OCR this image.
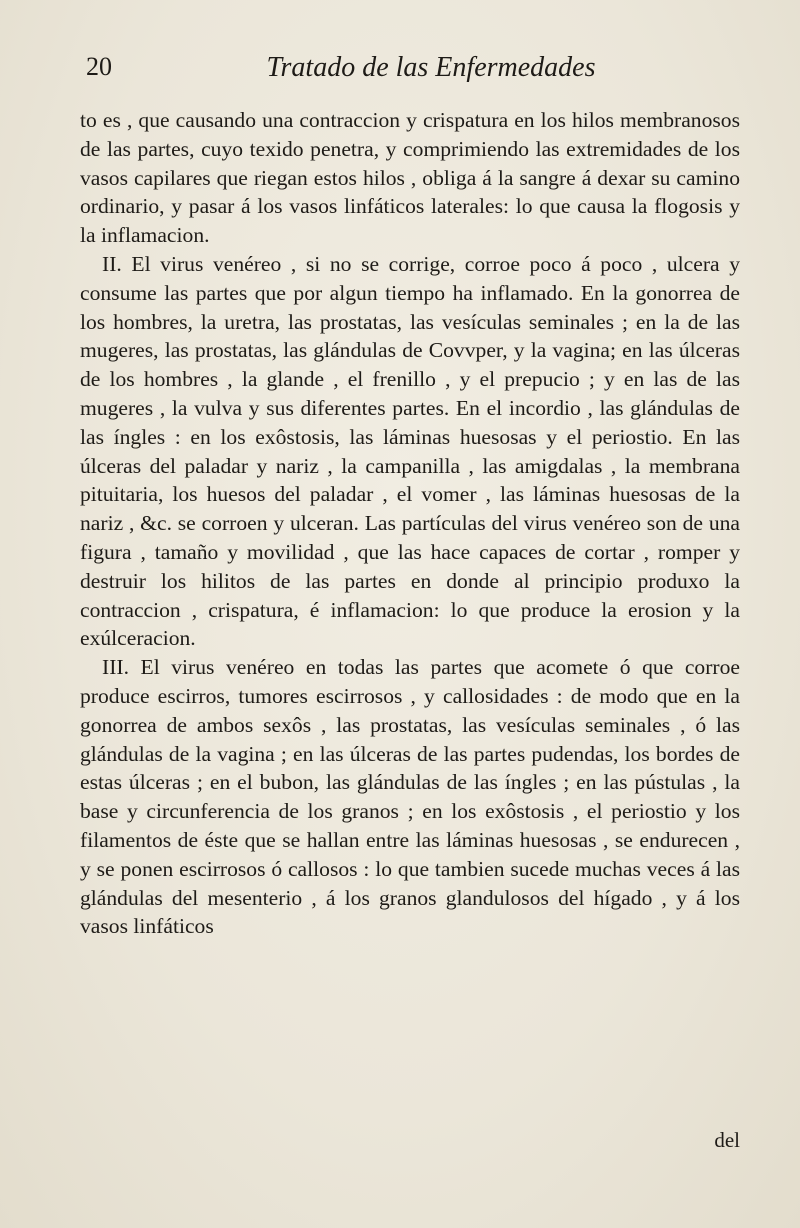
20	Tratado de las Enfermedades

to es , que causando una contraccion y crispatura en los hilos membranosos de las partes, cuyo texido penetra, y comprimiendo las extremidades de los vasos capilares que riegan estos hilos , obliga á la sangre á dexar su camino ordinario, y pasar á los vasos linfáticos laterales: lo que causa la flogosis y la inflamacion.

II. El virus venéreo , si no se corrige, corroe poco á poco , ulcera y consume las partes que por algun tiempo ha inflamado. En la gonorrea de los hombres, la uretra, las prostatas, las vesículas seminales ; en la de las mugeres, las prostatas, las glándulas de Covvper, y la vagina; en las úlceras de los hombres , la glande , el frenillo , y el prepucio ; y en las de las mugeres , la vulva y sus diferentes partes. En el incordio , las glándulas de las íngles : en los exôstosis, las láminas huesosas y el periostio. En las úlceras del paladar y nariz , la campanilla , las amigdalas , la membrana pituitaria, los huesos del paladar , el vomer , las láminas huesosas de la nariz , &c. se corroen y ulceran. Las partículas del virus venéreo son de una figura , tamaño y movilidad , que las hace capaces de cortar , romper y destruir los hilitos de las partes en donde al principio produxo la contraccion , crispatura, é inflamacion: lo que produce la erosion y la exúlceracion.

III. El virus venéreo en todas las partes que acomete ó que corroe produce escirros, tumores escirrosos , y callosidades : de modo que en la gonorrea de ambos sexôs , las prostatas, las vesículas seminales , ó las glándulas de la vagina ; en las úlceras de las partes pudendas, los bordes de estas úlceras ; en el bubon, las glándulas de las íngles ; en las pústulas , la base y circunferencia de los granos ; en los exôstosis , el periostio y los filamentos de éste que se hallan entre las láminas huesosas , se endurecen , y se ponen escirrosos ó callosos : lo que tambien sucede muchas veces á las glándulas del mesenterio , á los granos glandulosos del hígado , y á los vasos linfáticos

del
